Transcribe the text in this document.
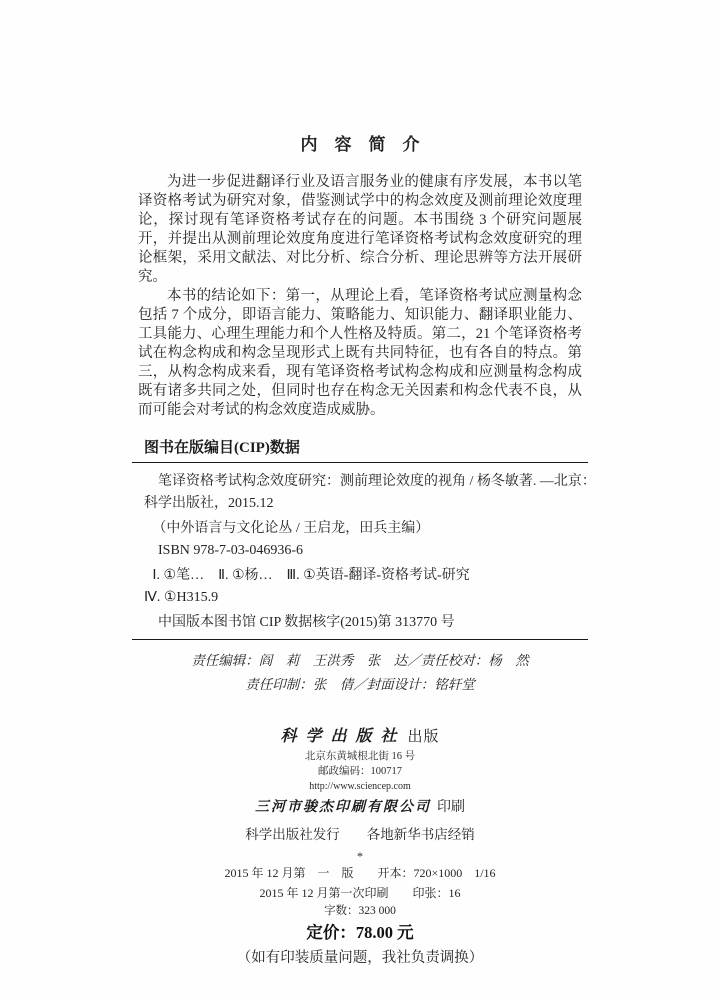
内　容　简　介

为进一步促进翻译行业及语言服务业的健康有序发展，本书以笔译资格考试为研究对象，借鉴测试学中的构念效度及测前理论效度理论，探讨现有笔译资格考试存在的问题。本书围绕 3 个研究问题展开，并提出从测前理论效度角度进行笔译资格考试构念效度研究的理论框架，采用文献法、对比分析、综合分析、理论思辨等方法开展研究。

本书的结论如下：第一，从理论上看，笔译资格考试应测量构念包括 7 个成分，即语言能力、策略能力、知识能力、翻译职业能力、工具能力、心理生理能力和个人性格及特质。第二，21 个笔译资格考试在构念构成和构念呈现形式上既有共同特征，也有各自的特点。第三，从构念构成来看，现有笔译资格考试构念构成和应测量构念构成既有诸多共同之处，但同时也存在构念无关因素和构念代表不良，从而可能会对考试的构念效度造成威胁。

图书在版编目(CIP)数据
笔译资格考试构念效度研究：测前理论效度的视角 / 杨冬敏著. —北京：
科学出版社，2015.12
（中外语言与文化论丛 / 王启龙，田兵主编）
ISBN 978-7-03-046936-6
Ⅰ. ①笔…　Ⅱ. ①杨…　Ⅲ. ①英语-翻译-资格考试-研究
Ⅳ. ①H315.9
中国版本图书馆 CIP 数据核字(2015)第 313770 号
责任编辑：阎　莉　王洪秀　张　达／责任校对：杨　然
责任印制：张　倩／封面设计：铭轩堂
科学出版社 出版
北京东黄城根北街 16 号
邮政编码：100717
http://www.sciencep.com
三河市骏杰印刷有限公司 印刷
科学出版社发行　　各地新华书店经销
*
2015 年 12 月第　一　版　　开本：720×1000　1/16
2015 年 12 月第一次印刷　　印张：16
字数：323 000
定价：78.00 元
（如有印装质量问题，我社负责调换）
